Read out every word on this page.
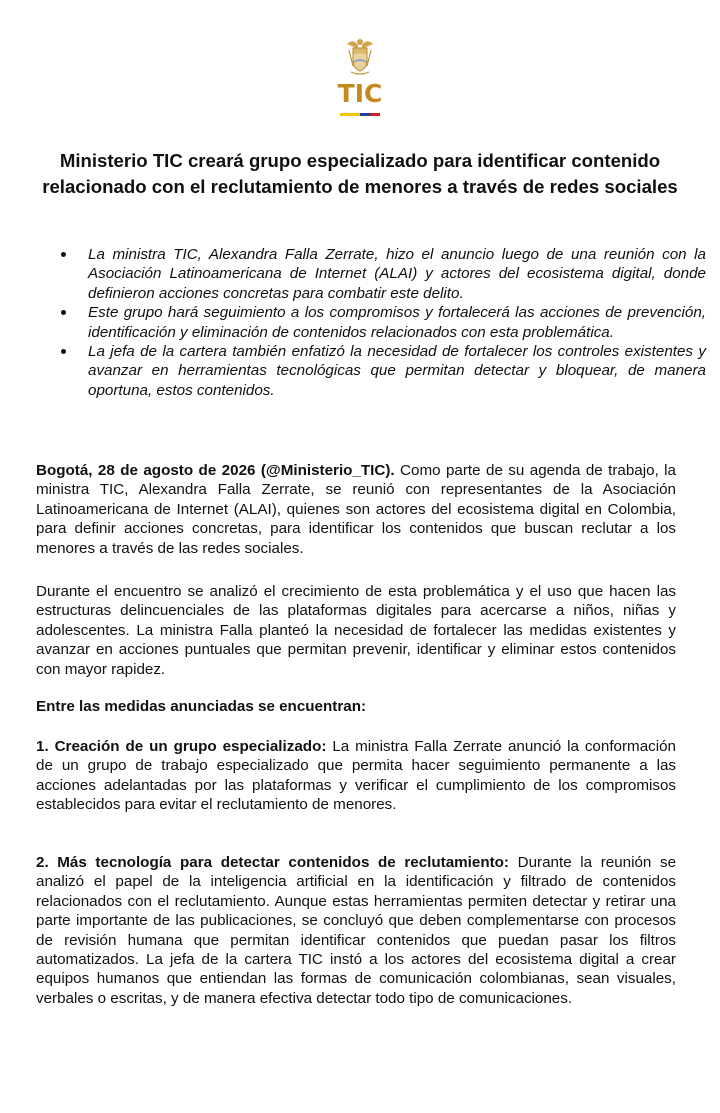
TIC
Ministerio TIC creará grupo especializado para identificar contenido relacionado con el reclutamiento de menores a través de redes sociales
La ministra TIC, Alexandra Falla Zerrate, hizo el anuncio luego de una reunión con la Asociación Latinoamericana de Internet (ALAI) y actores del ecosistema digital, donde definieron acciones concretas para combatir este delito.
Este grupo hará seguimiento a los compromisos y fortalecerá las acciones de prevención, identificación y eliminación de contenidos relacionados con esta problemática.
La jefa de la cartera también enfatizó la necesidad de fortalecer los controles existentes y avanzar en herramientas tecnológicas que permitan detectar y bloquear, de manera oportuna, estos contenidos.

Bogotá, 28 de agosto de 2026 (@Ministerio_TIC). Como parte de su agenda de trabajo, la ministra TIC, Alexandra Falla Zerrate, se reunió con representantes de la Asociación Latinoamericana de Internet (ALAI), quienes son actores del ecosistema digital en Colombia, para definir acciones concretas, para identificar los contenidos que buscan reclutar a los menores a través de las redes sociales.

Durante el encuentro se analizó el crecimiento de esta problemática y el uso que hacen las estructuras delincuenciales de las plataformas digitales para acercarse a niños, niñas y adolescentes. La ministra Falla planteó la necesidad de fortalecer las medidas existentes y avanzar en acciones puntuales que permitan prevenir, identificar y eliminar estos contenidos con mayor rapidez.

Entre las medidas anunciadas se encuentran:

1. Creación de un grupo especializado: La ministra Falla Zerrate anunció la conformación de un grupo de trabajo especializado que permita hacer seguimiento permanente a las acciones adelantadas por las plataformas y verificar el cumplimiento de los compromisos establecidos para evitar el reclutamiento de menores.

2. Más tecnología para detectar contenidos de reclutamiento: Durante la reunión se analizó el papel de la inteligencia artificial en la identificación y filtrado de contenidos relacionados con el reclutamiento. Aunque estas herramientas permiten detectar y retirar una parte importante de las publicaciones, se concluyó que deben complementarse con procesos de revisión humana que permitan identificar contenidos que puedan pasar los filtros automatizados. La jefa de la cartera TIC instó a los actores del ecosistema digital a crear equipos humanos que entiendan las formas de comunicación colombianas, sean visuales, verbales o escritas, y de manera efectiva detectar todo tipo de comunicaciones.
